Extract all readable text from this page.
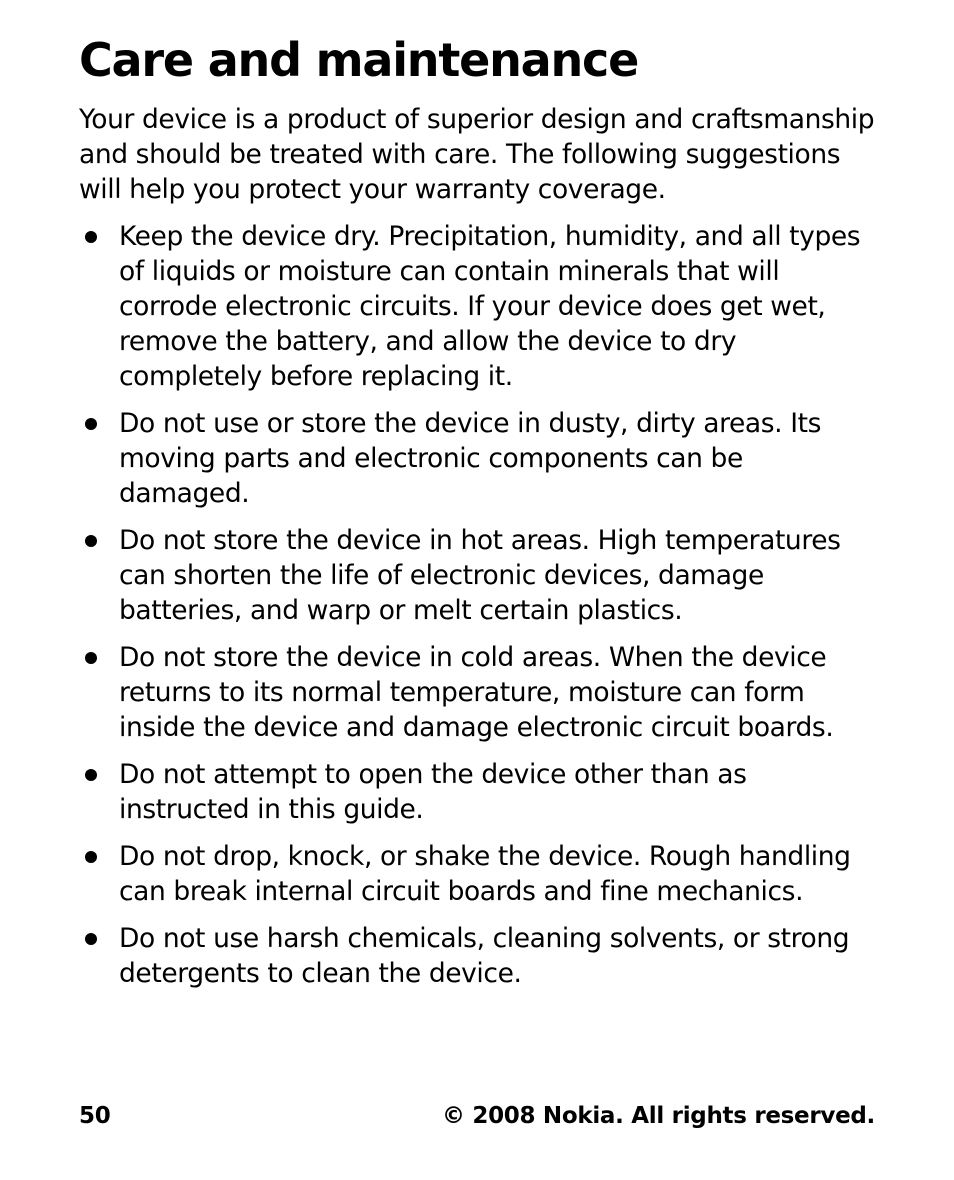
Care and maintenance

Your device is a product of superior design and craftsmanship and should be treated with care. The following suggestions will help you protect your warranty coverage.

Keep the device dry. Precipitation, humidity, and all types of liquids or moisture can contain minerals that will corrode electronic circuits. If your device does get wet, remove the battery, and allow the device to dry completely before replacing it.
Do not use or store the device in dusty, dirty areas. Its moving parts and electronic components can be damaged.
Do not store the device in hot areas. High temperatures can shorten the life of electronic devices, damage batteries, and warp or melt certain plastics.
Do not store the device in cold areas. When the device returns to its normal temperature, moisture can form inside the device and damage electronic circuit boards.
Do not attempt to open the device other than as instructed in this guide.
Do not drop, knock, or shake the device. Rough handling can break internal circuit boards and fine mechanics.
Do not use harsh chemicals, cleaning solvents, or strong detergents to clean the device.
50	© 2008 Nokia. All rights reserved.
